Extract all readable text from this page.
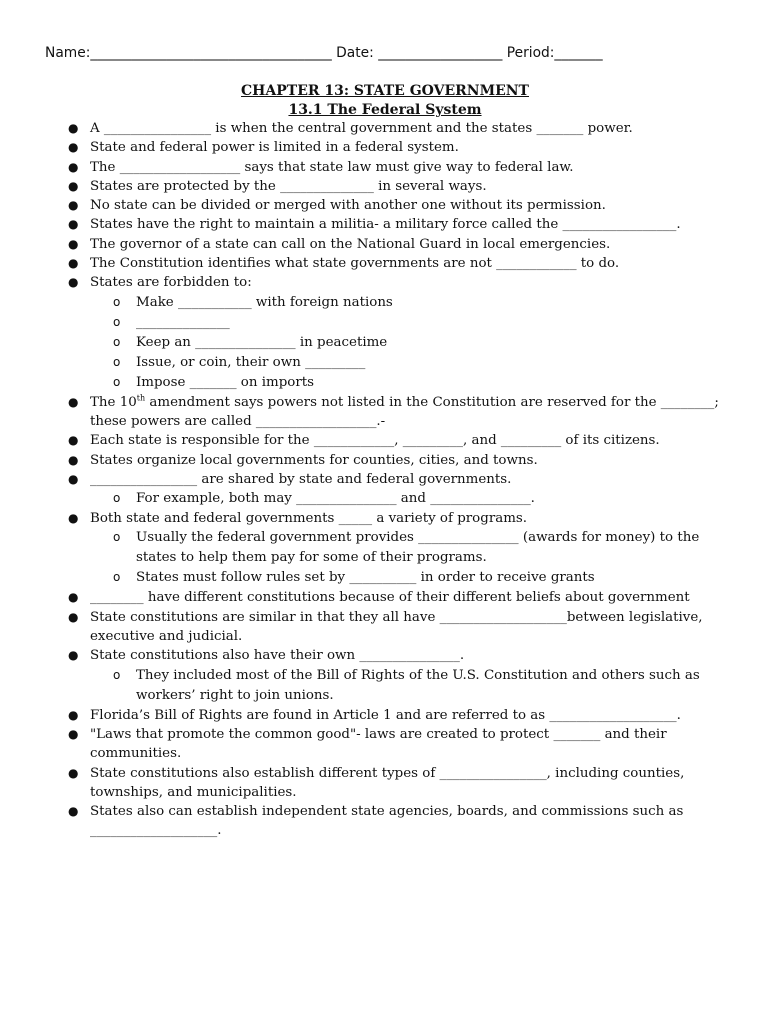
Name:___________________________________ Date: __________________ Period:_______
CHAPTER 13: STATE GOVERNMENT
13.1 The Federal System
● A ________________ is when the central government and the states _______ power.
● State and federal power is limited in a federal system.
● The __________________ says that state law must give way to federal law.
● States are protected by the ______________ in several ways.
● No state can be divided or merged with another one without its permission.
● States have the right to maintain a militia- a military force called the _________________.
● The governor of a state can call on the National Guard in local emergencies.
● The Constitution identifies what state governments are not ____________ to do.
● States are forbidden to:
o Make ___________ with foreign nations
o ______________
o Keep an _______________ in peacetime
o Issue, or coin, their own _________
o Impose _______ on imports
● The 10th amendment says powers not listed in the Constitution are reserved for the ________; these powers are called __________________.-
● Each state is responsible for the ____________, _________, and _________ of its citizens.
● States organize local governments for counties, cities, and towns.
● ________________ are shared by state and federal governments.
o For example, both may _______________ and _______________.
● Both state and federal governments _____ a variety of programs.
o Usually the federal government provides _______________ (awards for money) to the states to help them pay for some of their programs.
o States must follow rules set by __________ in order to receive grants
● ________ have different constitutions because of their different beliefs about government
● State constitutions are similar in that they all have ___________________between legislative, executive and judicial.
● State constitutions also have their own _______________.
o They included most of the Bill of Rights of the U.S. Constitution and others such as workers’ right to join unions.
● Florida’s Bill of Rights are found in Article 1 and are referred to as ___________________.
● "Laws that promote the common good"- laws are created to protect _______ and their communities.
● State constitutions also establish different types of ________________, including counties, townships, and municipalities.
● States also can establish independent state agencies, boards, and commissions such as ___________________.
